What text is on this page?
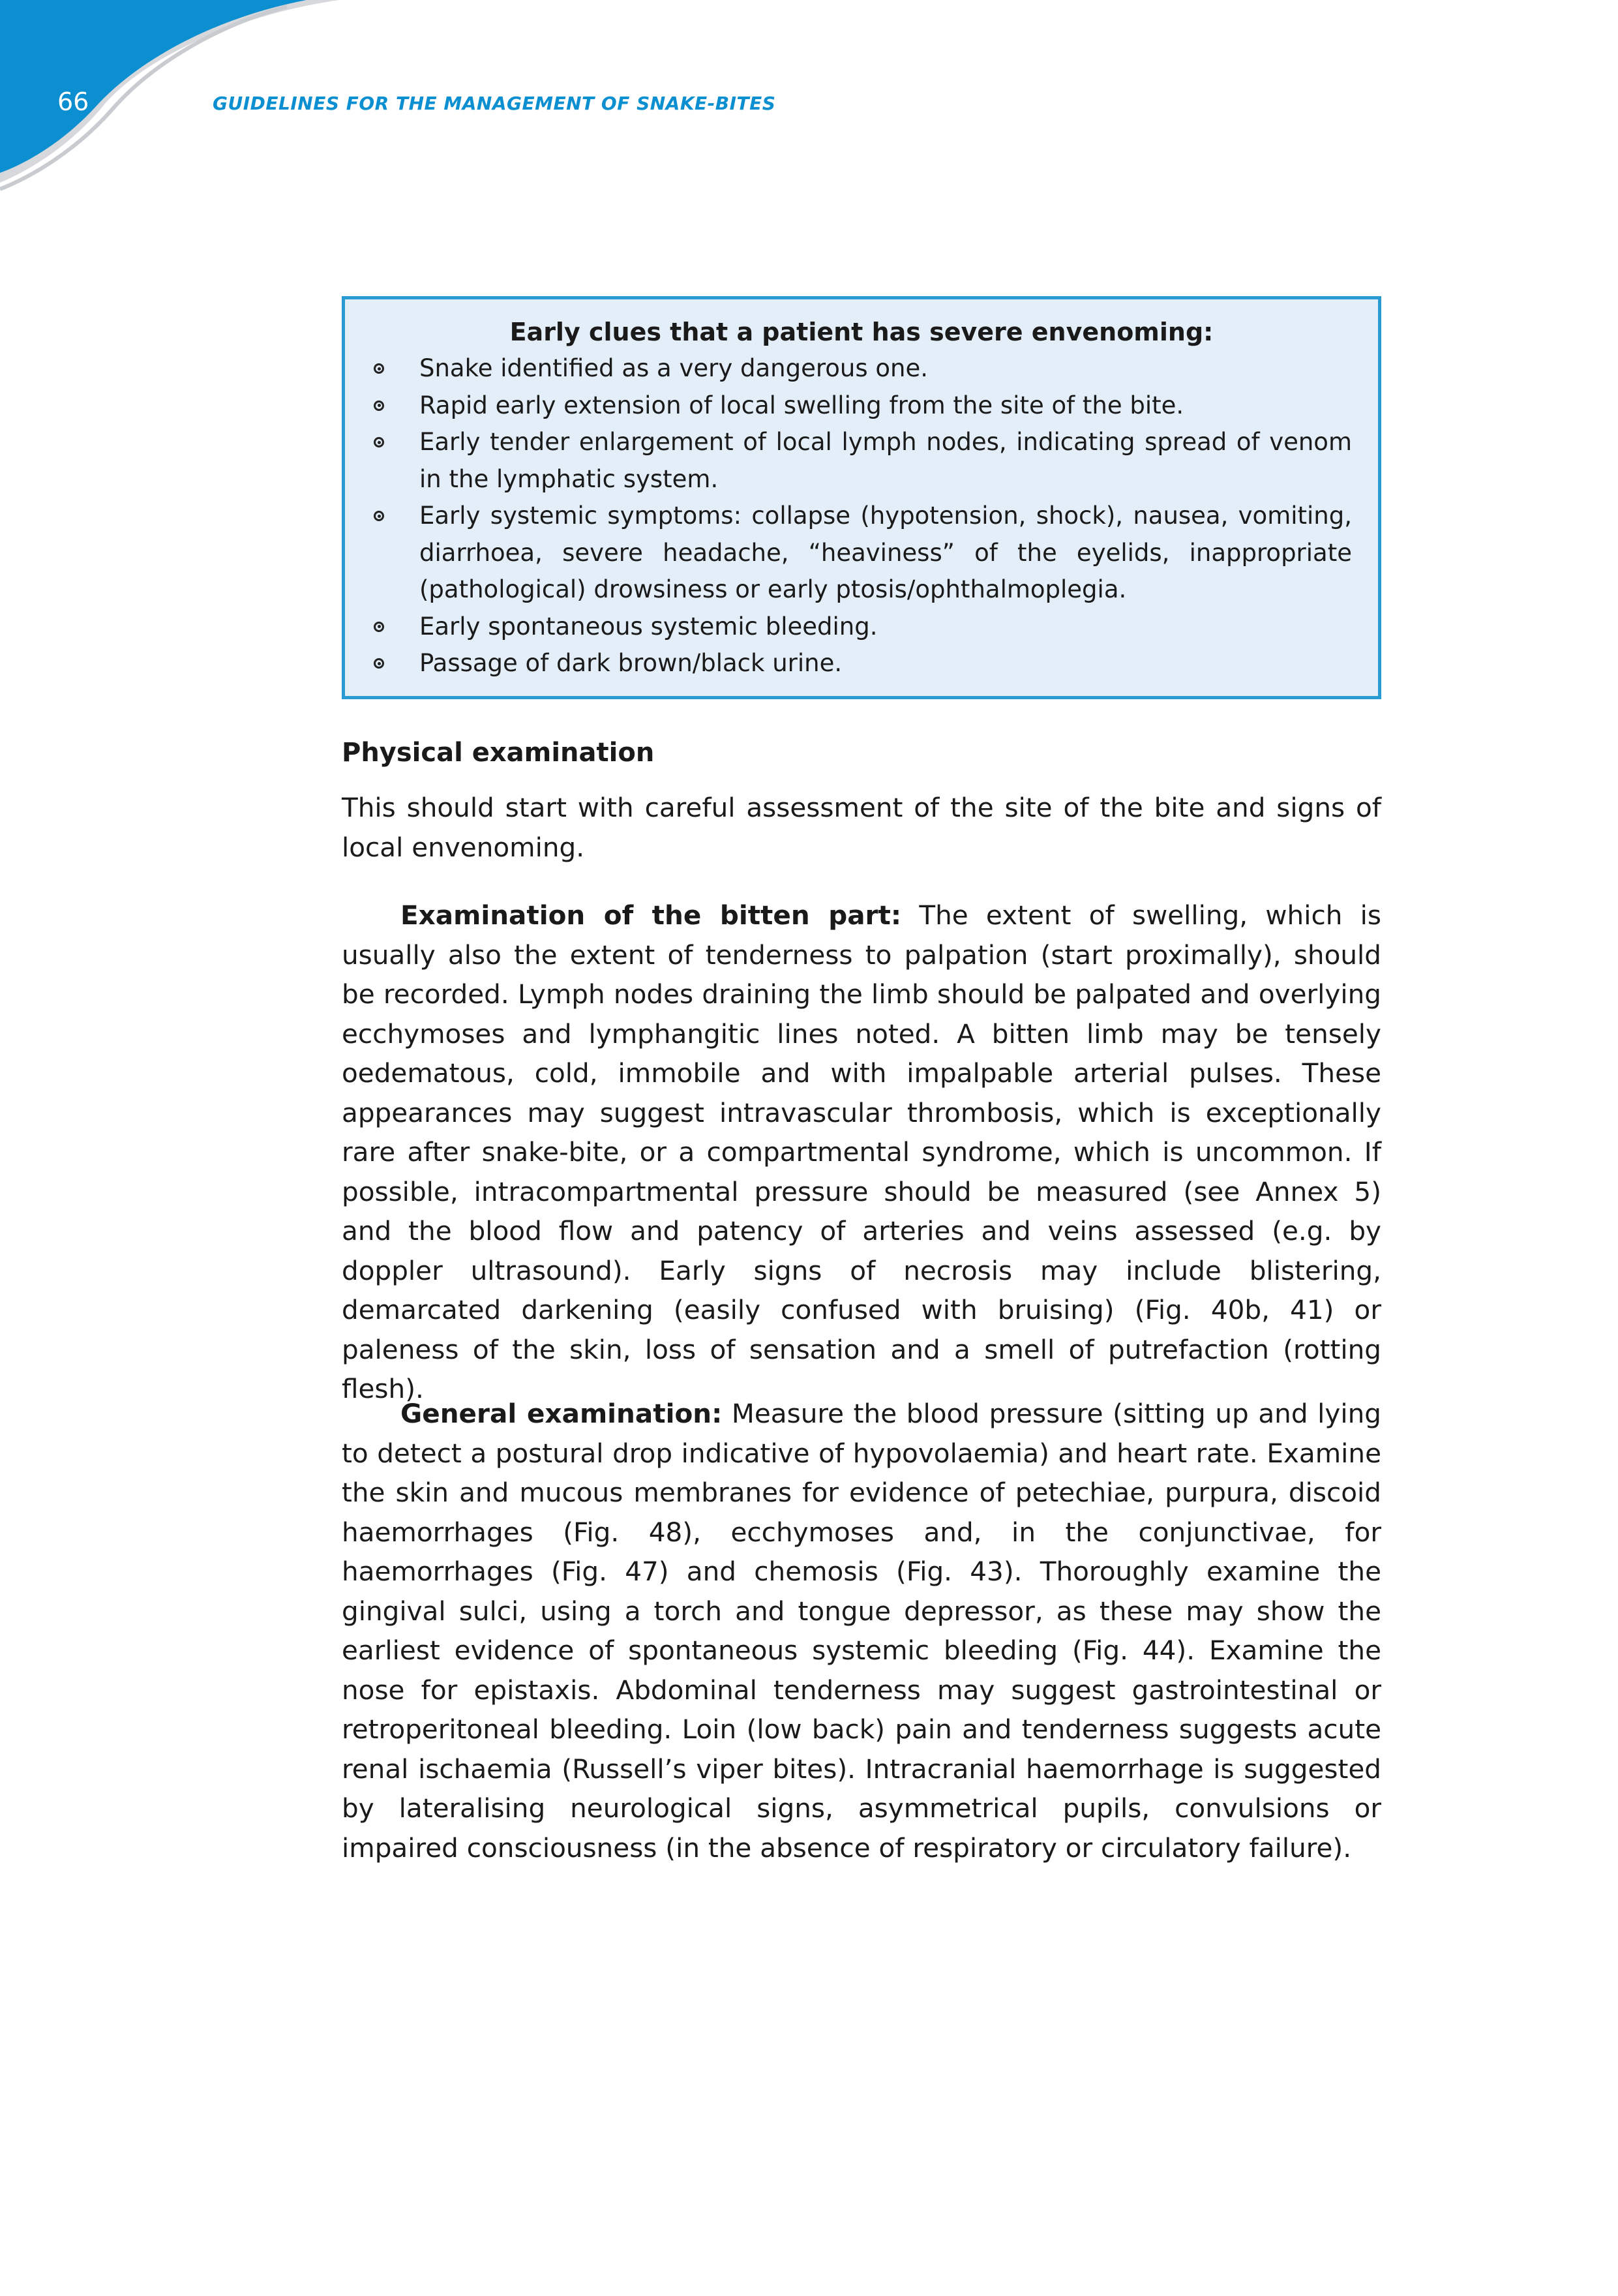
66	GUIDELINES FOR THE MANAGEMENT OF SNAKE-BITES
Early clues that a patient has severe envenoming:
Snake identified as a very dangerous one.
Rapid early extension of local swelling from the site of the bite.
Early tender enlargement of local lymph nodes, indicating spread of venom in the lymphatic system.
Early systemic symptoms: collapse (hypotension, shock), nausea, vomiting, diarrhoea, severe headache, “heaviness” of the eyelids, inappropriate (pathological) drowsiness or early ptosis/ophthalmoplegia.
Early spontaneous systemic bleeding.
Passage of dark brown/black urine.
Physical examination

This should start with careful assessment of the site of the bite and signs of local envenoming.

Examination of the bitten part: The extent of swelling, which is usually also the extent of tenderness to palpation (start proximally), should be recorded. Lymph nodes draining the limb should be palpated and overlying ecchymoses and lymphangitic lines noted. A bitten limb may be tensely oedematous, cold, immobile and with impalpable arterial pulses. These appearances may suggest intravascular thrombosis, which is exceptionally rare after snake-bite, or a compartmental syndrome, which is uncommon. If possible, intracompartmental pressure should be measured (see Annex 5) and the blood flow and patency of arteries and veins assessed (e.g. by doppler ultrasound). Early signs of necrosis may include blistering, demarcated darkening (easily confused with bruising) (Fig. 40b, 41) or paleness of the skin, loss of sensation and a smell of putrefaction (rotting flesh).

General examination: Measure the blood pressure (sitting up and lying to detect a postural drop indicative of hypovolaemia) and heart rate. Examine the skin and mucous membranes for evidence of petechiae, purpura, discoid haemorrhages (Fig. 48), ecchymoses and, in the conjunctivae, for haemorrhages (Fig. 47) and chemosis (Fig. 43). Thoroughly examine the gingival sulci, using a torch and tongue depressor, as these may show the earliest evidence of spontaneous systemic bleeding (Fig. 44). Examine the nose for epistaxis. Abdominal tenderness may suggest gastrointestinal or retroperitoneal bleeding. Loin (low back) pain and tenderness suggests acute renal ischaemia (Russell’s viper bites). Intracranial haemorrhage is suggested by lateralising neurological signs, asymmetrical pupils, convulsions or impaired consciousness (in the absence of respiratory or circulatory failure).
